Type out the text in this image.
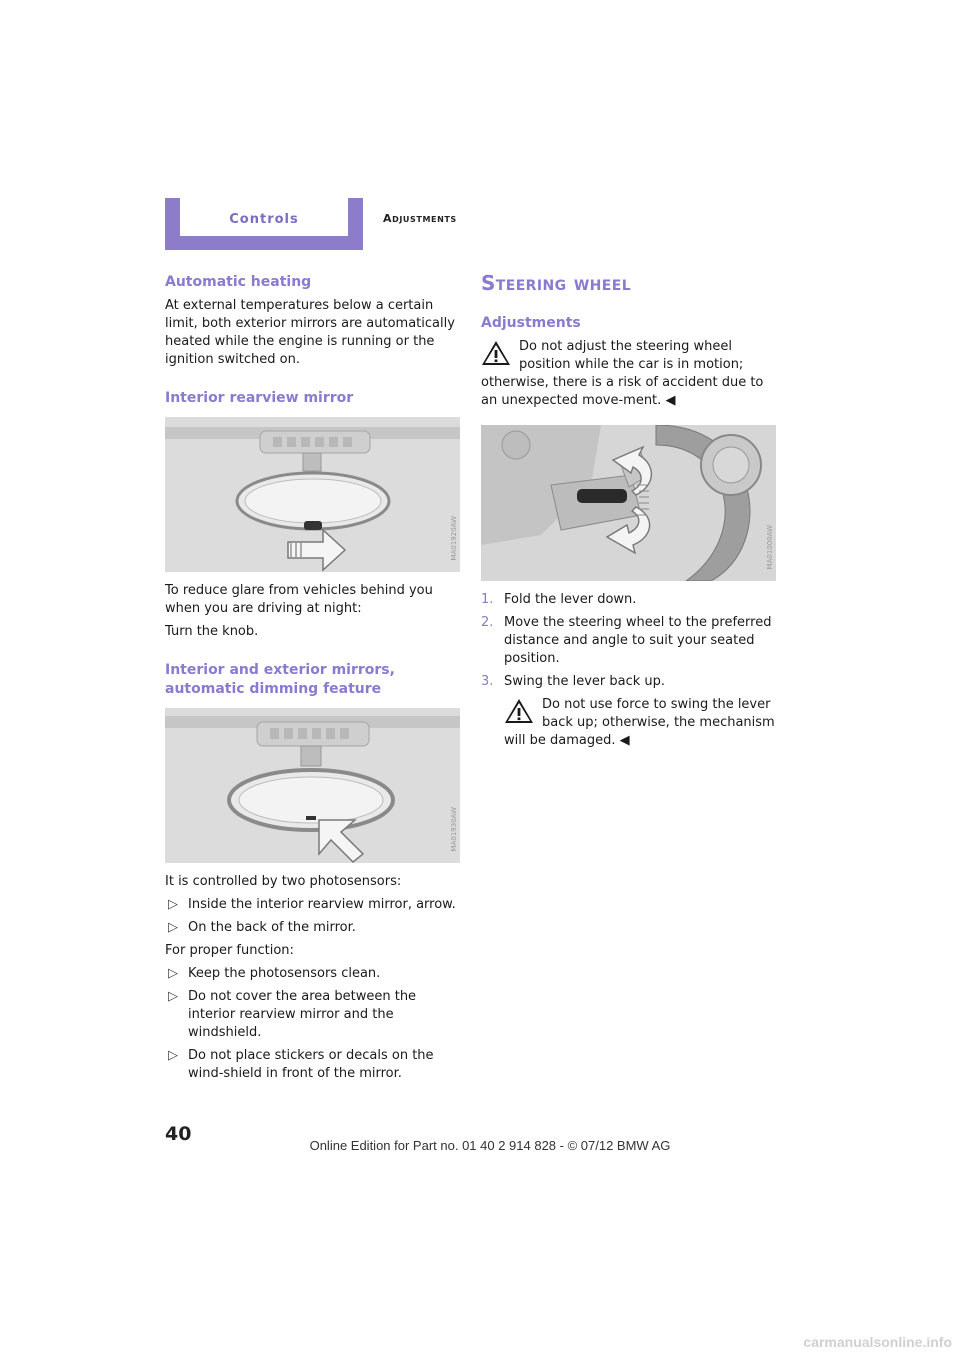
Controls	Adjustments
Automatic heating

At external temperatures below a certain limit, both exterior mirrors are automatically heated while the engine is running or the ignition switched on.

Interior rearview mirror
MA01920AW

To reduce glare from vehicles behind you when you are driving at night:

Turn the knob.

Interior and exterior mirrors,
automatic dimming feature
MA01930AW

It is controlled by two photosensors:

▷ Inside the interior rearview mirror, arrow.
▷ On the back of the mirror.

For proper function:

▷ Keep the photosensors clean.
▷ Do not cover the area between the interior rearview mirror and the windshield.
▷ Do not place stickers or decals on the wind-shield in front of the mirror.
Steering wheel
Adjustments
Do not adjust the steering wheel position while the car is in motion; otherwise, there is a risk of accident due to an unexpected move-ment. ◀
MA01000AW
1. Fold the lever down.
2. Move the steering wheel to the preferred distance and angle to suit your seated position.
3. Swing the lever back up.
Do not use force to swing the lever back up; otherwise, the mechanism will be damaged. ◀
40
Online Edition for Part no. 01 40 2 914 828 - © 07/12 BMW AG
carmanualsonline.info
